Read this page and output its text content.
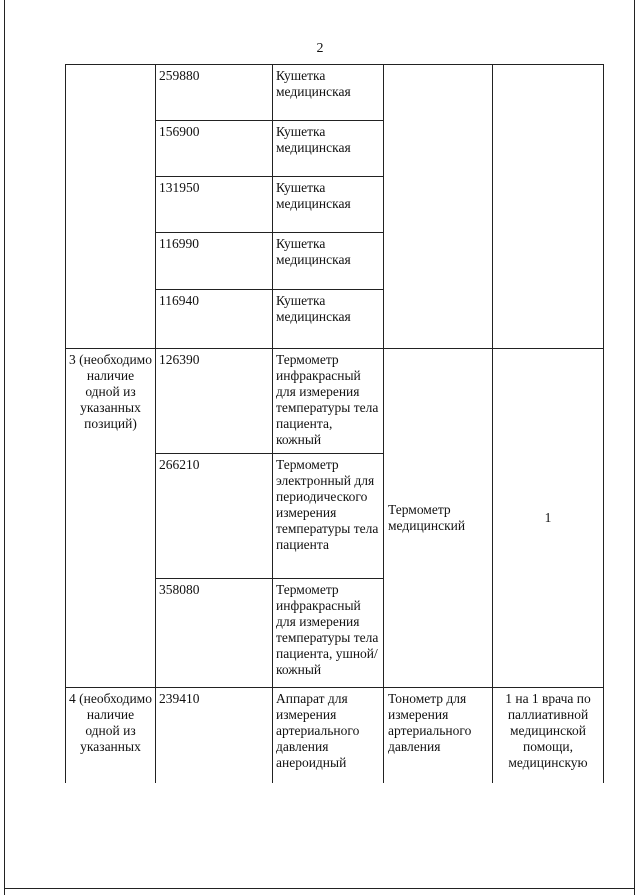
2
	259880	Кушетка медицинская		
	156900	Кушетка медицинская		
	131950	Кушетка медицинская		
	116990	Кушетка медицинская		
	116940	Кушетка медицинская		
3 (необходимо наличие одной из указанных позиций)	126390	Термометр инфракрасный для измерения температуры тела пациента, кожный	Термометр медицинский	1
	266210	Термометр электронный для периодического измерения температуры тела пациента		
	358080	Термометр инфракрасный для измерения температуры тела пациента, ушной/кожный		
4 (необходимо наличие одной из указанных	239410	Аппарат для измерения артериального давления анероидный	Тонометр для измерения артериального давления	1 на 1 врача по паллиативной медицинской помощи, медицинскую
